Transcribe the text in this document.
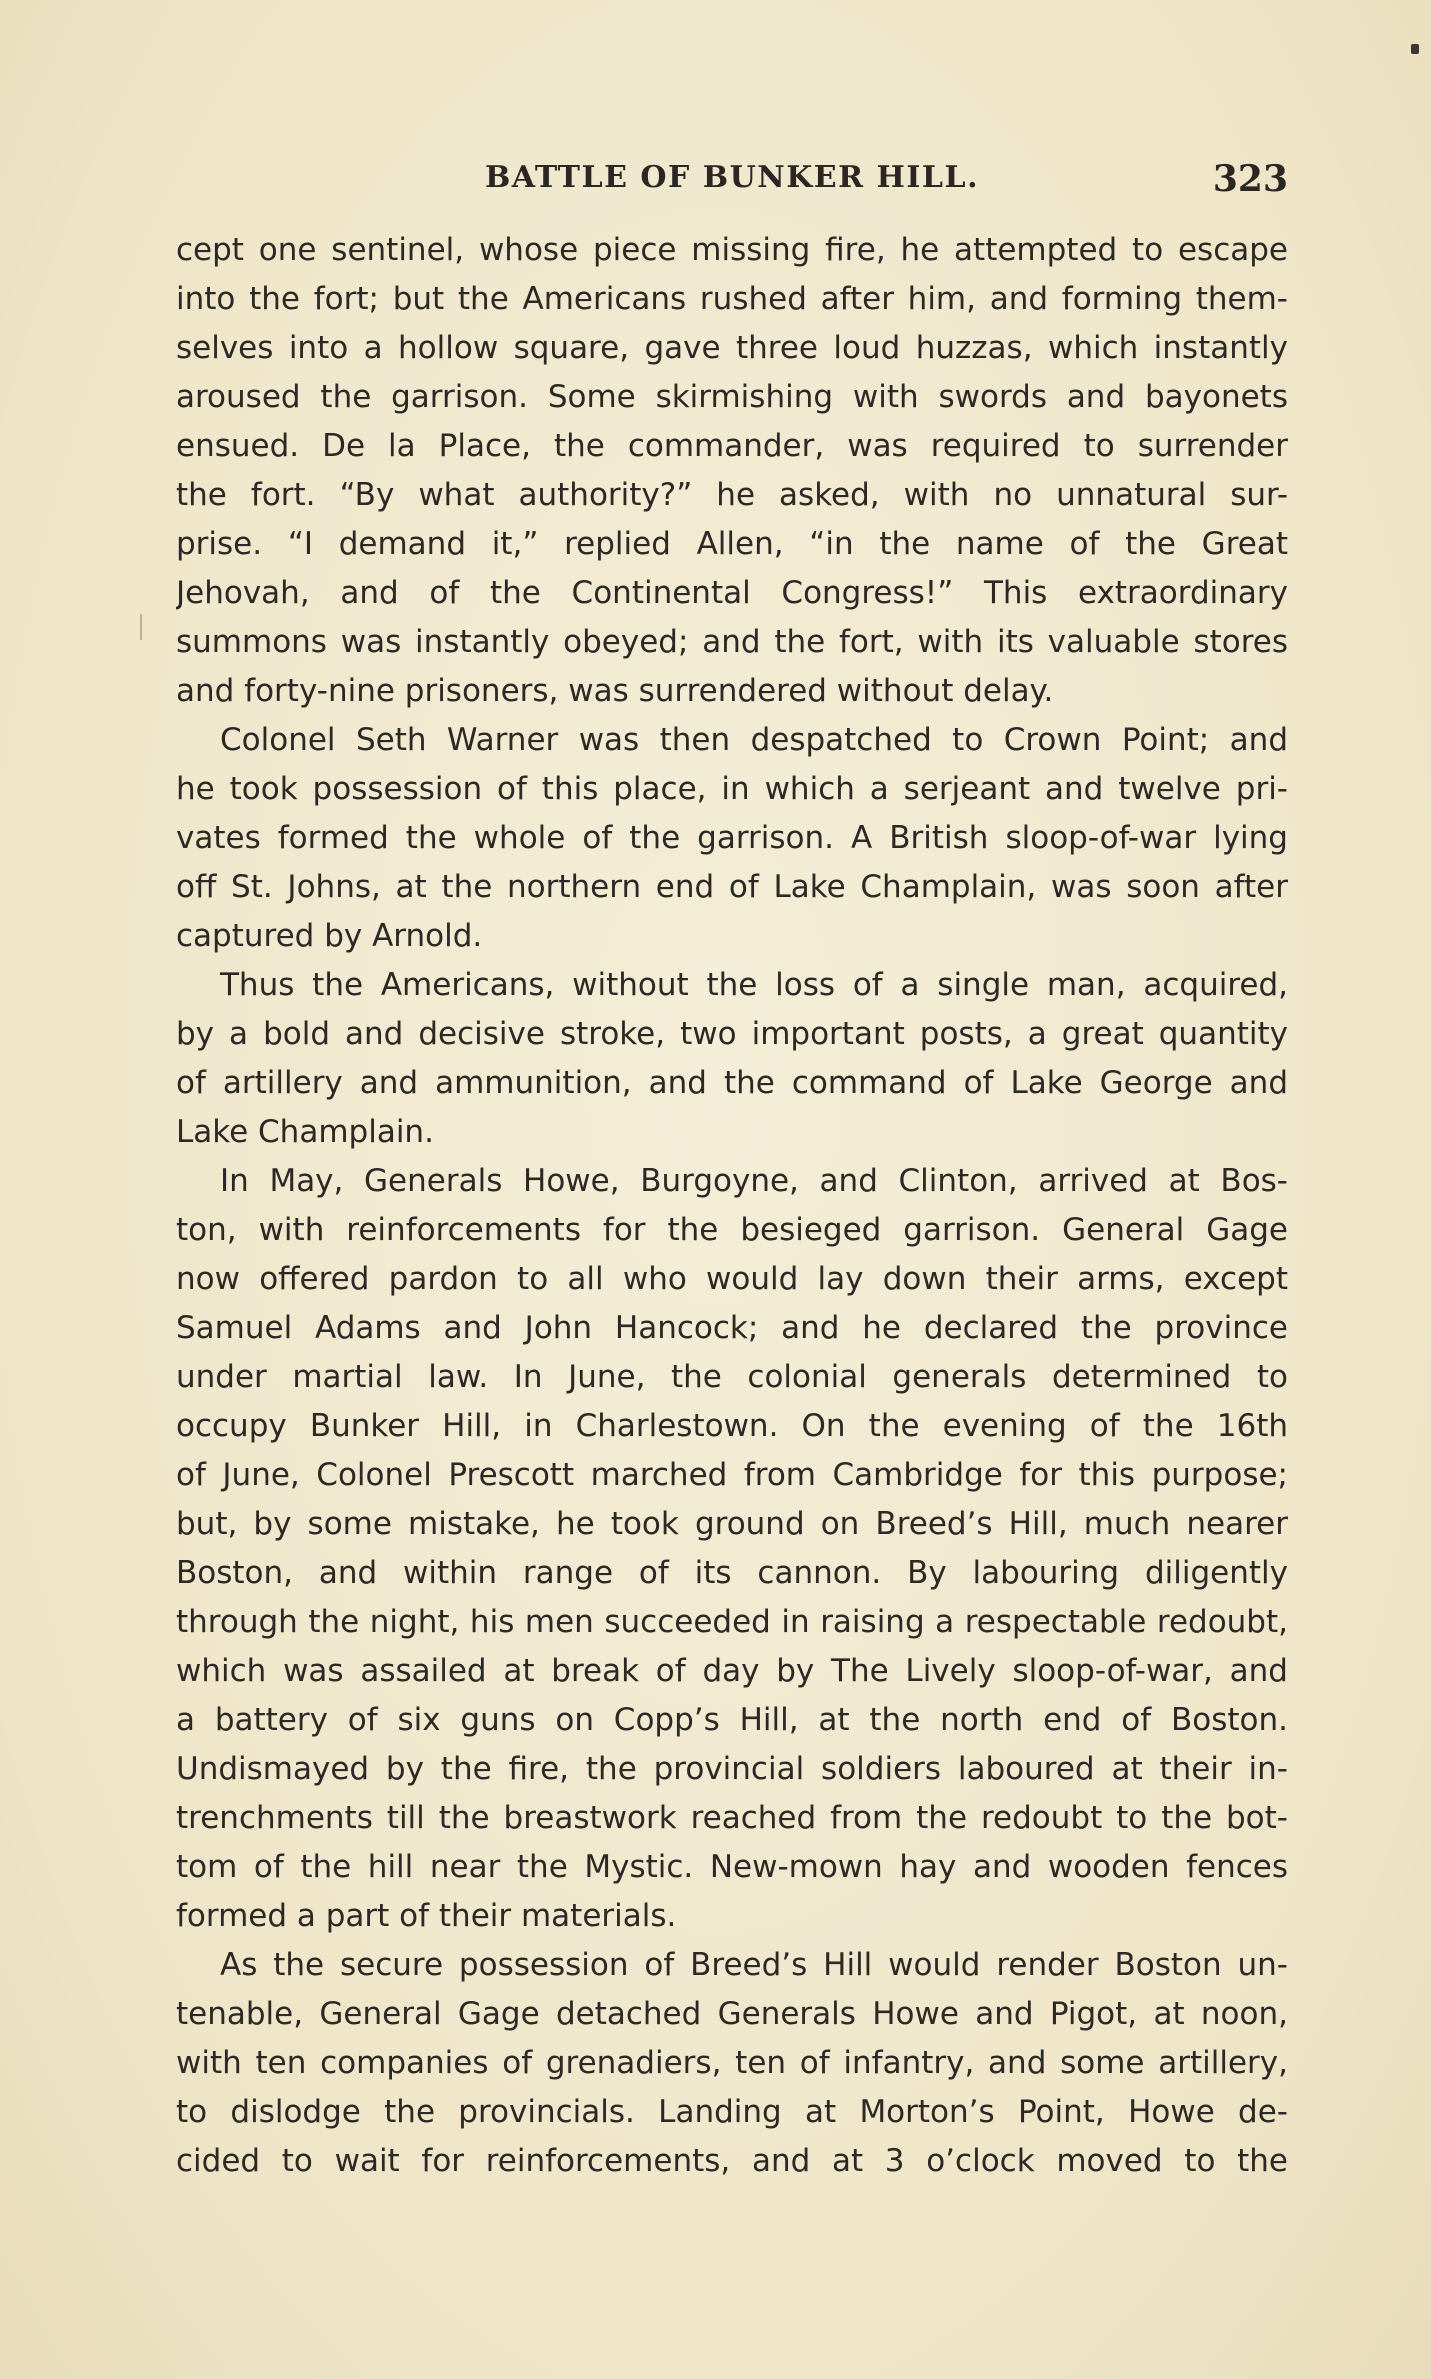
BATTLE OF BUNKER HILL.	323
cept one sentinel, whose piece missing fire, he attempted to escape
into the fort; but the Americans rushed after him, and forming them-
selves into a hollow square, gave three loud huzzas, which instantly
aroused the garrison. Some skirmishing with swords and bayonets
ensued. De la Place, the commander, was required to surrender
the fort. “By what authority?” he asked, with no unnatural sur-
prise. “I demand it,” replied Allen, “in the name of the Great
Jehovah, and of the Continental Congress!” This extraordinary
summons was instantly obeyed; and the fort, with its valuable stores
and forty-nine prisoners, was surrendered without delay.
Colonel Seth Warner was then despatched to Crown Point; and
he took possession of this place, in which a serjeant and twelve pri-
vates formed the whole of the garrison. A British sloop-of-war lying
off St. Johns, at the northern end of Lake Champlain, was soon after
captured by Arnold.
Thus the Americans, without the loss of a single man, acquired,
by a bold and decisive stroke, two important posts, a great quantity
of artillery and ammunition, and the command of Lake George and
Lake Champlain.
In May, Generals Howe, Burgoyne, and Clinton, arrived at Bos-
ton, with reinforcements for the besieged garrison. General Gage
now offered pardon to all who would lay down their arms, except
Samuel Adams and John Hancock; and he declared the province
under martial law. In June, the colonial generals determined to
occupy Bunker Hill, in Charlestown. On the evening of the 16th
of June, Colonel Prescott marched from Cambridge for this purpose;
but, by some mistake, he took ground on Breed’s Hill, much nearer
Boston, and within range of its cannon. By labouring diligently
through the night, his men succeeded in raising a respectable redoubt,
which was assailed at break of day by The Lively sloop-of-war, and
a battery of six guns on Copp’s Hill, at the north end of Boston.
Undismayed by the fire, the provincial soldiers laboured at their in-
trenchments till the breastwork reached from the redoubt to the bot-
tom of the hill near the Mystic. New-mown hay and wooden fences
formed a part of their materials.
As the secure possession of Breed’s Hill would render Boston un-
tenable, General Gage detached Generals Howe and Pigot, at noon,
with ten companies of grenadiers, ten of infantry, and some artillery,
to dislodge the provincials. Landing at Morton’s Point, Howe de-
cided to wait for reinforcements, and at 3 o’clock moved to the
